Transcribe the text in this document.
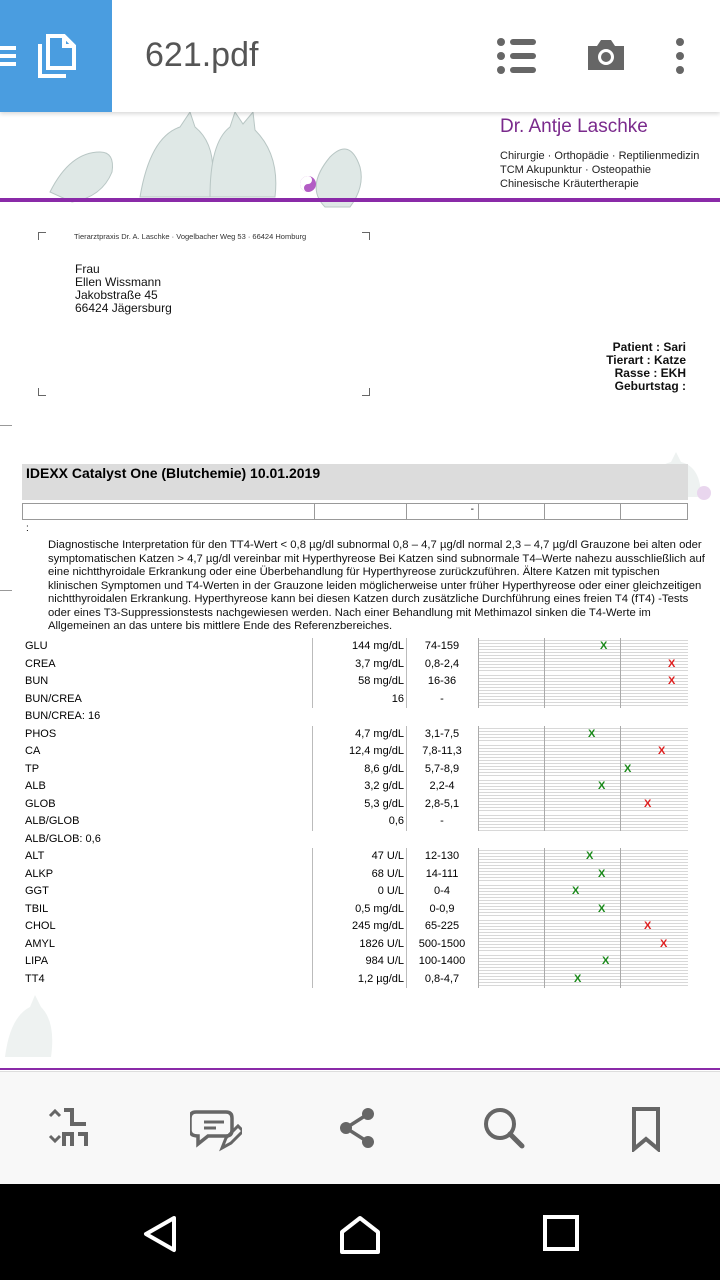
621.pdf
Dr. Antje Laschke
Chirurgie · Orthopädie · Reptilienmedizin
TCM Akupunktur · Osteopathie
Chinesische Kräutertherapie
Tierarztpraxis Dr. A. Laschke · Vogelbacher Weg 53 · 66424 Homburg
Frau
Ellen Wissmann
Jakobstraße 45
66424 Jägersburg
Patient : Sari
Tierart : Katze
Rasse : EKH
Geburtstag :
IDEXX Catalyst One (Blutchemie) 10.01.2019
-
:
Diagnostische Interpretation für den TT4-Wert < 0,8 µg/dl subnormal 0,8 – 4,7 µg/dl normal 2,3 – 4,7 µg/dl Grauzone bei alten oder symptomatischen Katzen > 4,7 µg/dl vereinbar mit Hyperthyreose Bei Katzen sind subnormale T4–Werte nahezu ausschließlich auf eine nichtthyroidale Erkrankung oder eine Überbehandlung für Hyperthyreose zurückzuführen. Ältere Katzen mit typischen klinischen Symptomen und T4-Werten in der Grauzone leiden möglicherweise unter früher Hyperthyreose oder einer gleichzeitigen nichtthyroidalen Erkrankung. Hyperthyreose kann bei diesen Katzen durch zusätzliche Durchführung eines freien T4 (fT4) -Tests oder eines T3-Suppressionstests nachgewiesen werden. Nach einer Behandlung mit Methimazol sinken die T4-Werte im Allgemeinen an das untere bis mittlere Ende des Referenzbereiches.
GLU	144 mg/dL	74-159	X
CREA	3,7 mg/dL	0,8-2,4	X
BUN	58 mg/dL	16-36	X
BUN/CREA	16	-
BUN/CREA: 16
PHOS	4,7 mg/dL	3,1-7,5	X
CA	12,4 mg/dL	7,8-11,3	X
TP	8,6 g/dL	5,7-8,9	X
ALB	3,2 g/dL	2,2-4	X
GLOB	5,3 g/dL	2,8-5,1	X
ALB/GLOB	0,6	-
ALB/GLOB: 0,6
ALT	47 U/L	12-130	X
ALKP	68 U/L	14-111	X
GGT	0 U/L	0-4	X
TBIL	0,5 mg/dL	0-0,9	X
CHOL	245 mg/dL	65-225	X
AMYL	1826 U/L	500-1500	X
LIPA	984 U/L	100-1400	X
TT4	1,2 µg/dL	0,8-4,7	X
